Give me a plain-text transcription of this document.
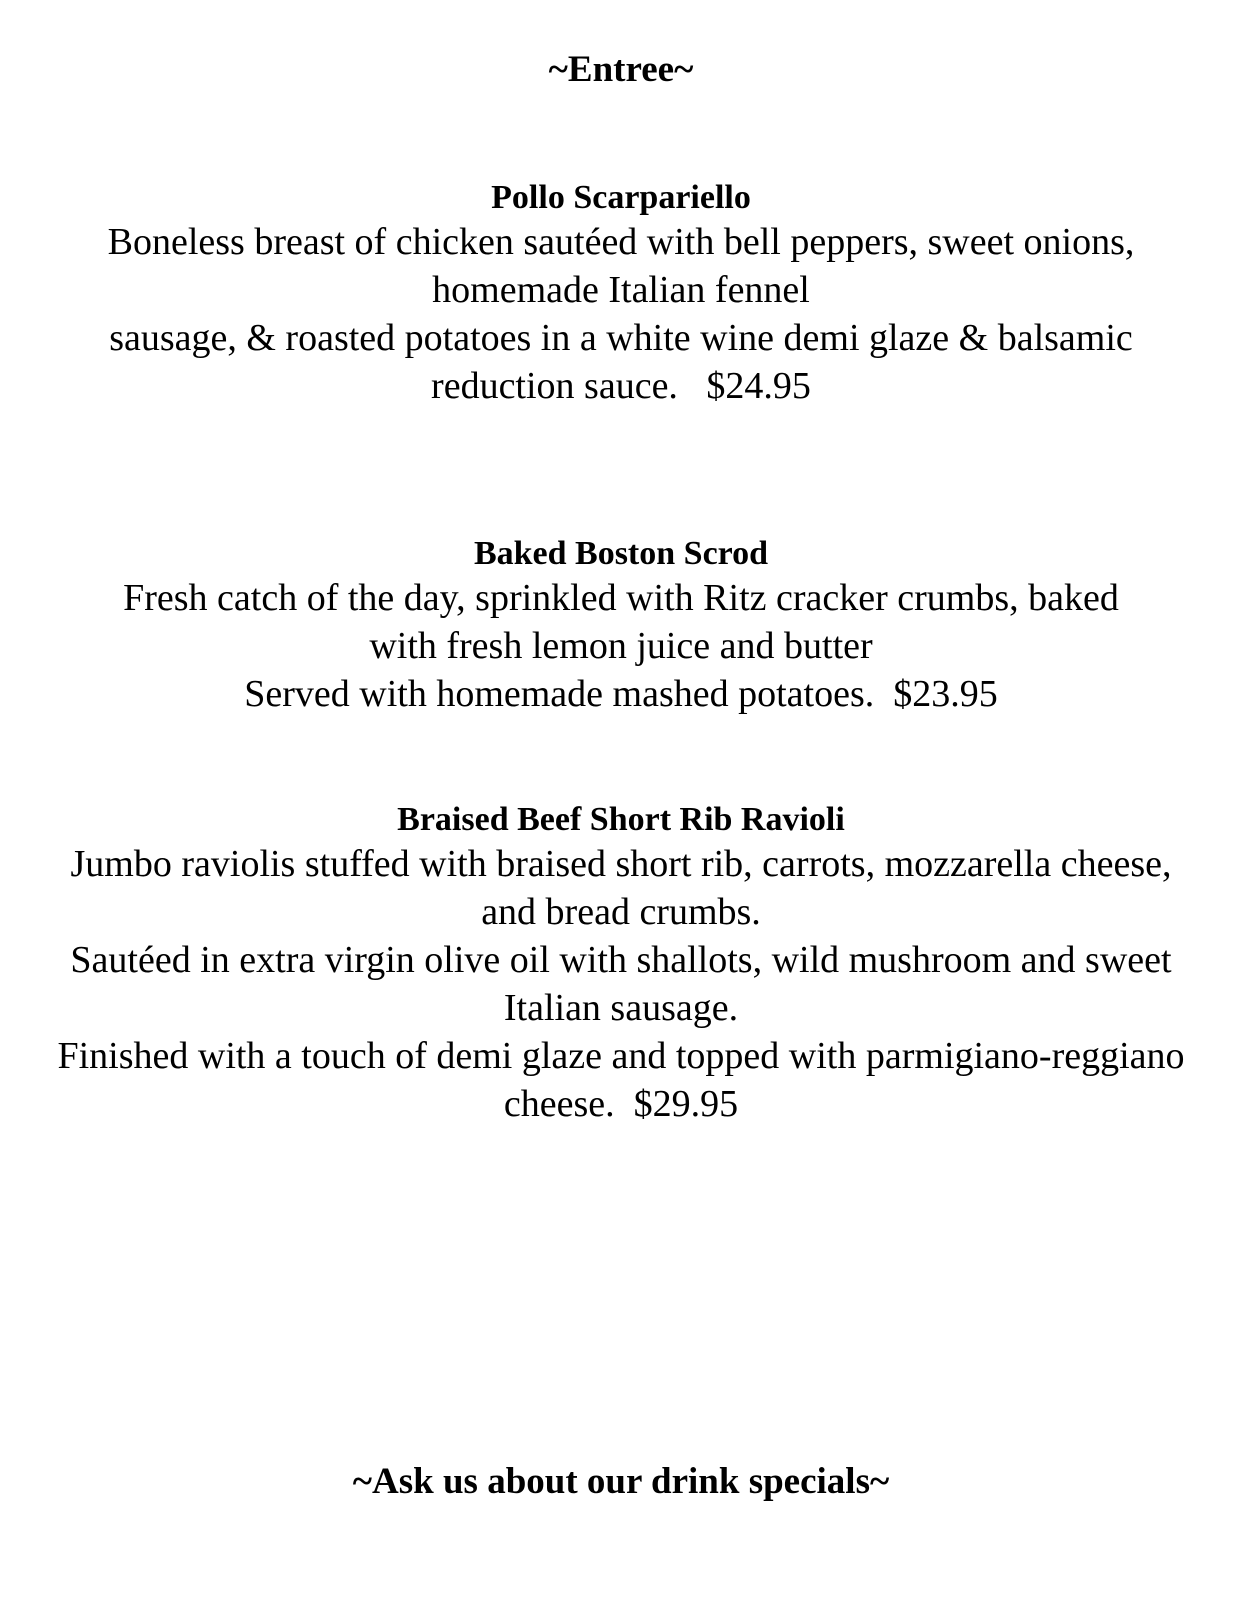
~Entree~
Pollo Scarpariello
Boneless breast of chicken sautéed with bell peppers, sweet onions,
homemade Italian fennel
sausage, & roasted potatoes in a white wine demi glaze & balsamic
reduction sauce.   $24.95
Baked Boston Scrod
Fresh catch of the day, sprinkled with Ritz cracker crumbs, baked
with fresh lemon juice and butter
Served with homemade mashed potatoes.  $23.95
Braised Beef Short Rib Ravioli
Jumbo raviolis stuffed with braised short rib, carrots, mozzarella cheese,
and bread crumbs.
Sautéed in extra virgin olive oil with shallots, wild mushroom and sweet
Italian sausage.
Finished with a touch of demi glaze and topped with parmigiano-reggiano
cheese.  $29.95
~Ask us about our drink specials~
